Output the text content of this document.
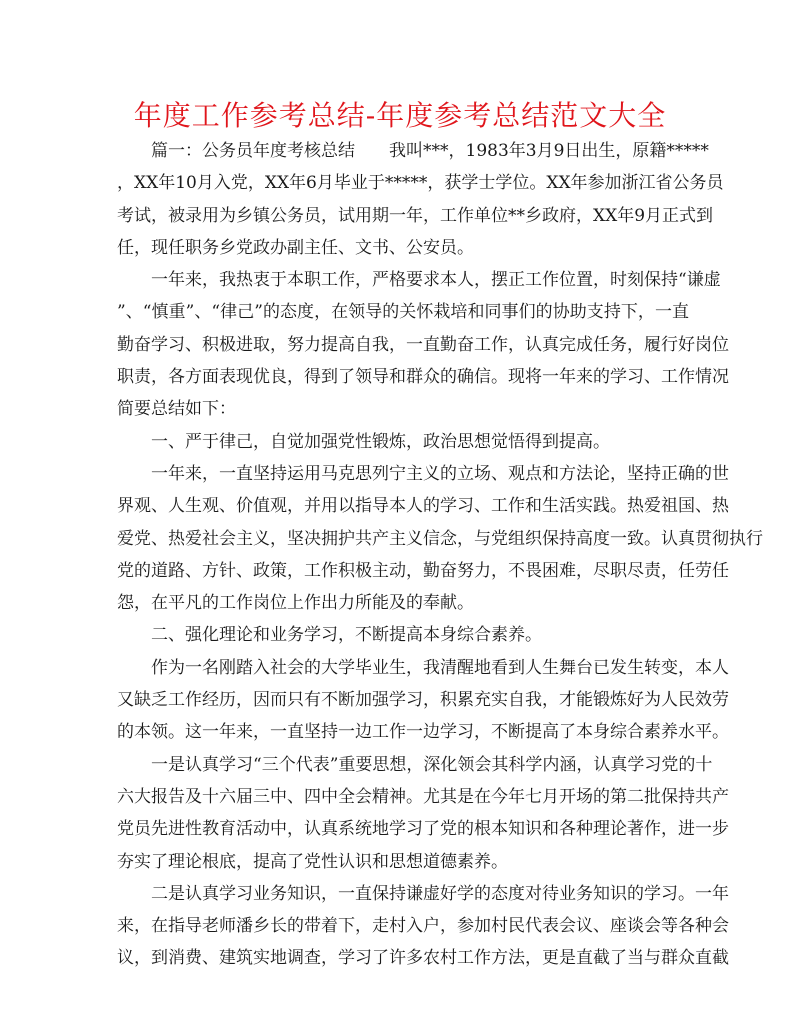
年度工作参考总结-年度参考总结范文大全
篇一：公务员年度考核总结　　我叫***，1983年3月9日出生，原籍*****
，XX年10月入党，XX年6月毕业于*****，获学士学位。XX年参加浙江省公务员
考试，被录用为乡镇公务员，试用期一年，工作单位**乡政府，XX年9月正式到
任，现任职务乡党政办副主任、文书、公安员。
一年来，我热衷于本职工作，严格要求本人，摆正工作位置，时刻保持“谦虚
”、“慎重”、“律己”的态度，在领导的关怀栽培和同事们的协助支持下，一直
勤奋学习、积极进取，努力提高自我，一直勤奋工作，认真完成任务，履行好岗位
职责，各方面表现优良，得到了领导和群众的确信。现将一年来的学习、工作情况
简要总结如下：
一、严于律己，自觉加强党性锻炼，政治思想觉悟得到提高。
一年来，一直坚持运用马克思列宁主义的立场、观点和方法论，坚持正确的世
界观、人生观、价值观，并用以指导本人的学习、工作和生活实践。热爱祖国、热
爱党、热爱社会主义，坚决拥护共产主义信念，与党组织保持高度一致。认真贯彻执行
党的道路、方针、政策，工作积极主动，勤奋努力，不畏困难，尽职尽责，任劳任
怨，在平凡的工作岗位上作出力所能及的奉献。
二、强化理论和业务学习，不断提高本身综合素养。
作为一名刚踏入社会的大学毕业生，我清醒地看到人生舞台已发生转变，本人
又缺乏工作经历，因而只有不断加强学习，积累充实自我，才能锻炼好为人民效劳
的本领。这一年来，一直坚持一边工作一边学习，不断提高了本身综合素养水平。
一是认真学习“三个代表”重要思想，深化领会其科学内涵，认真学习党的十
六大报告及十六届三中、四中全会精神。尤其是在今年七月开场的第二批保持共产
党员先进性教育活动中，认真系统地学习了党的根本知识和各种理论著作，进一步
夯实了理论根底，提高了党性认识和思想道德素养。
二是认真学习业务知识，一直保持谦虚好学的态度对待业务知识的学习。一年
来，在指导老师潘乡长的带着下，走村入户，参加村民代表会议、座谈会等各种会
议，到消费、建筑实地调查，学习了许多农村工作方法，更是直截了当与群众直截
